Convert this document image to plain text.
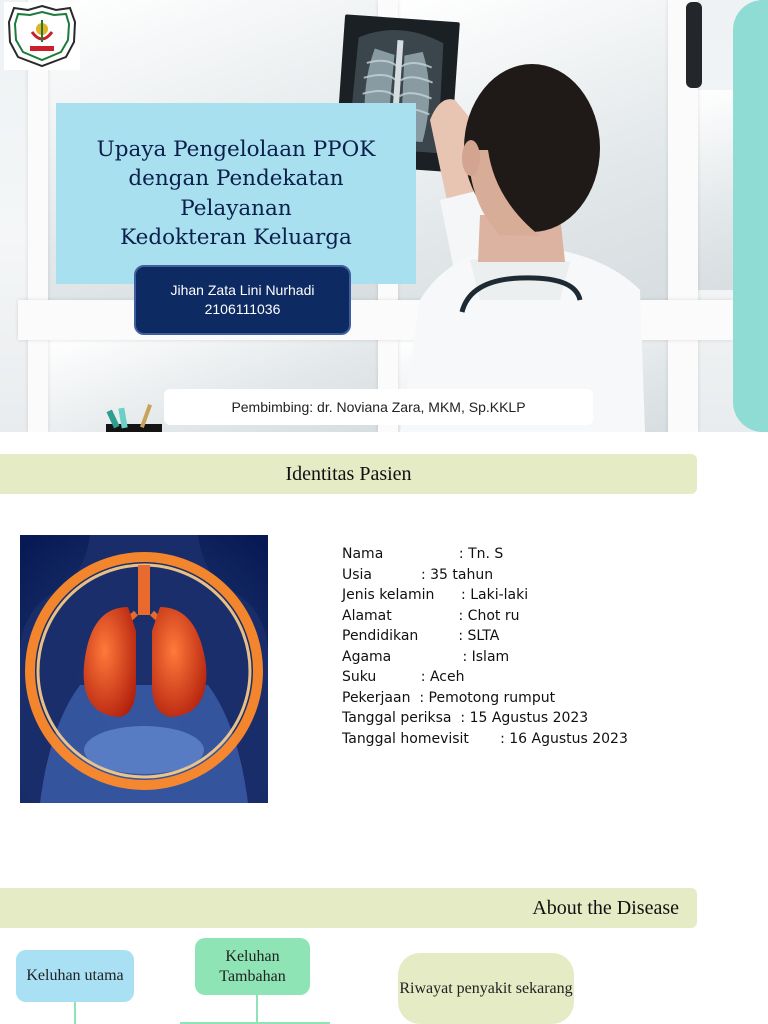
Upaya Pengelolaan PPOK
dengan Pendekatan Pelayanan
Kedokteran Keluarga
Jihan Zata Lini Nurhadi
2106111036
Pembimbing: dr. Noviana Zara, MKM, Sp.KKLP
Identitas Pasien
Nama                 : Tn. S
Usia           : 35 tahun
Jenis kelamin      : Laki-laki
Alamat               : Chot ru
Pendidikan         : SLTA
Agama                : Islam
Suku          : Aceh
Pekerjaan  : Pemotong rumput
Tanggal periksa  : 15 Agustus 2023
Tanggal homevisit       : 16 Agustus 2023
About the Disease
Keluhan utama
Keluhan
Tambahan
Riwayat penyakit sekarang
